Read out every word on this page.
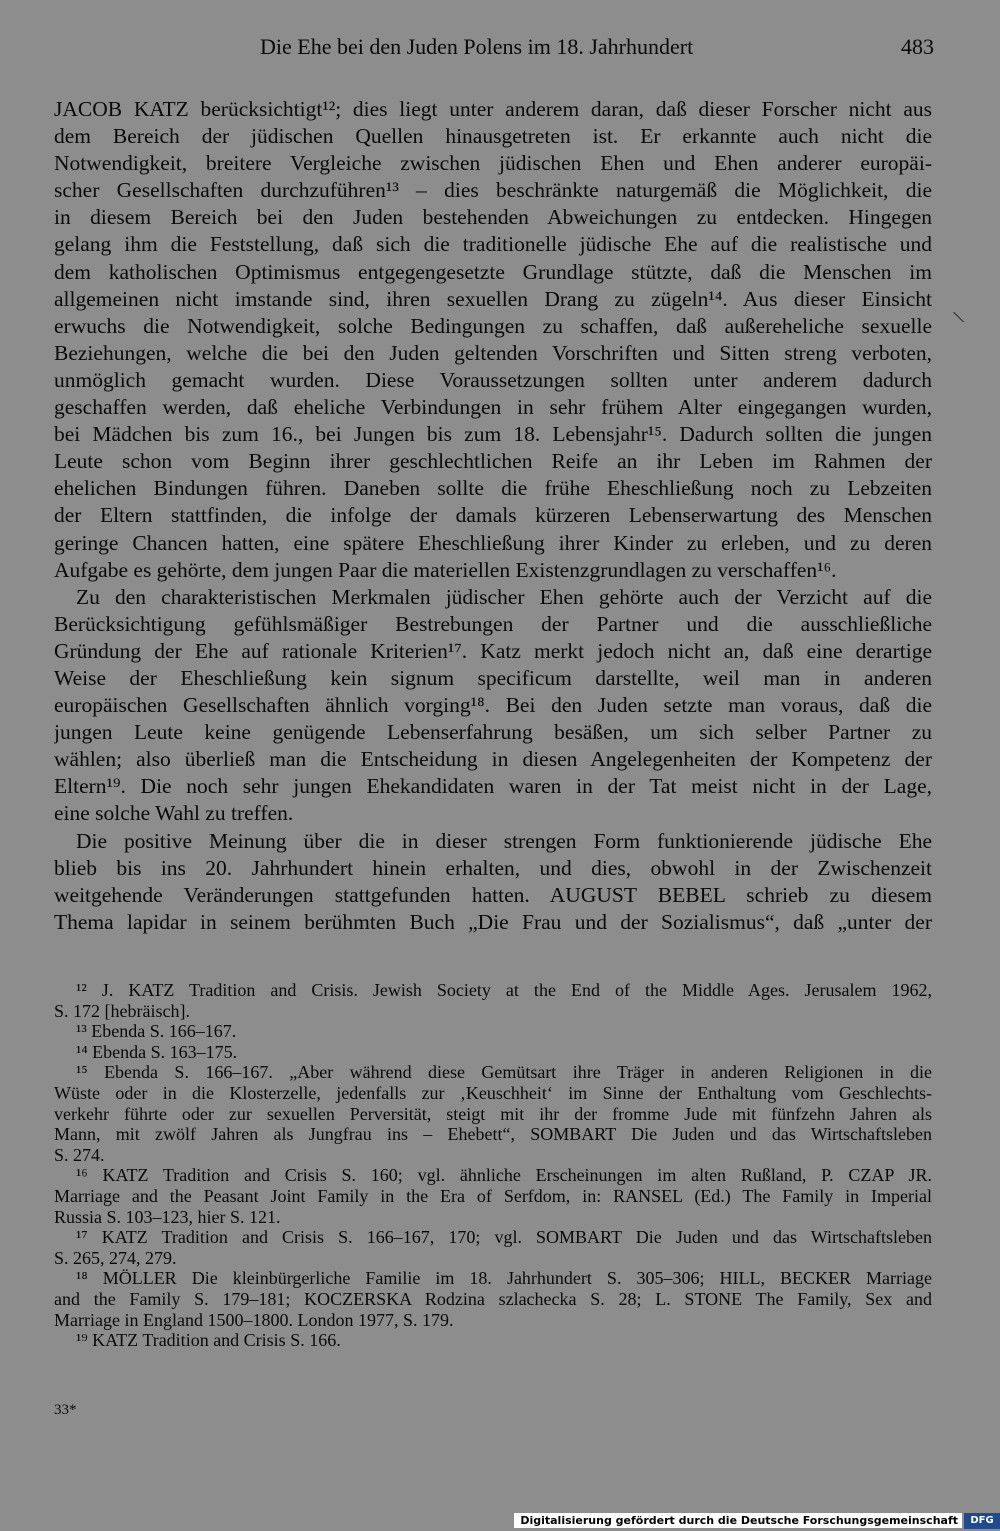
Die Ehe bei den Juden Polens im 18. Jahrhundert	483
JACOB KATZ berücksichtigt¹²; dies liegt unter anderem daran, daß dieser Forscher nicht aus
dem Bereich der jüdischen Quellen hinausgetreten ist. Er erkannte auch nicht die
Notwendigkeit, breitere Vergleiche zwischen jüdischen Ehen und Ehen anderer europäi-
scher Gesellschaften durchzuführen¹³ – dies beschränkte naturgemäß die Möglichkeit, die
in diesem Bereich bei den Juden bestehenden Abweichungen zu entdecken. Hingegen
gelang ihm die Feststellung, daß sich die traditionelle jüdische Ehe auf die realistische und
dem katholischen Optimismus entgegengesetzte Grundlage stützte, daß die Menschen im
allgemeinen nicht imstande sind, ihren sexuellen Drang zu zügeln¹⁴. Aus dieser Einsicht
erwuchs die Notwendigkeit, solche Bedingungen zu schaffen, daß außereheliche sexuelle
Beziehungen, welche die bei den Juden geltenden Vorschriften und Sitten streng verboten,
unmöglich gemacht wurden. Diese Voraussetzungen sollten unter anderem dadurch
geschaffen werden, daß eheliche Verbindungen in sehr frühem Alter eingegangen wurden,
bei Mädchen bis zum 16., bei Jungen bis zum 18. Lebensjahr¹⁵. Dadurch sollten die jungen
Leute schon vom Beginn ihrer geschlechtlichen Reife an ihr Leben im Rahmen der
ehelichen Bindungen führen. Daneben sollte die frühe Eheschließung noch zu Lebzeiten
der Eltern stattfinden, die infolge der damals kürzeren Lebenserwartung des Menschen
geringe Chancen hatten, eine spätere Eheschließung ihrer Kinder zu erleben, und zu deren
Aufgabe es gehörte, dem jungen Paar die materiellen Existenzgrundlagen zu verschaffen¹⁶.
Zu den charakteristischen Merkmalen jüdischer Ehen gehörte auch der Verzicht auf die
Berücksichtigung gefühlsmäßiger Bestrebungen der Partner und die ausschließliche
Gründung der Ehe auf rationale Kriterien¹⁷. Katz merkt jedoch nicht an, daß eine derartige
Weise der Eheschließung kein signum specificum darstellte, weil man in anderen
europäischen Gesellschaften ähnlich vorging¹⁸. Bei den Juden setzte man voraus, daß die
jungen Leute keine genügende Lebenserfahrung besäßen, um sich selber Partner zu
wählen; also überließ man die Entscheidung in diesen Angelegenheiten der Kompetenz der
Eltern¹⁹. Die noch sehr jungen Ehekandidaten waren in der Tat meist nicht in der Lage,
eine solche Wahl zu treffen.
Die positive Meinung über die in dieser strengen Form funktionierende jüdische Ehe
blieb bis ins 20. Jahrhundert hinein erhalten, und dies, obwohl in der Zwischenzeit
weitgehende Veränderungen stattgefunden hatten. AUGUST BEBEL schrieb zu diesem
Thema lapidar in seinem berühmten Buch „Die Frau und der Sozialismus“, daß „unter der
¹² J. KATZ Tradition and Crisis. Jewish Society at the End of the Middle Ages. Jerusalem 1962,
S. 172 [hebräisch].
¹³ Ebenda S. 166–167.
¹⁴ Ebenda S. 163–175.
¹⁵ Ebenda S. 166–167. „Aber während diese Gemütsart ihre Träger in anderen Religionen in die
Wüste oder in die Klosterzelle, jedenfalls zur ‚Keuschheit‘ im Sinne der Enthaltung vom Geschlechts-
verkehr führte oder zur sexuellen Perversität, steigt mit ihr der fromme Jude mit fünfzehn Jahren als
Mann, mit zwölf Jahren als Jungfrau ins – Ehebett“, SOMBART Die Juden und das Wirtschaftsleben
S. 274.
¹⁶ KATZ Tradition and Crisis S. 160; vgl. ähnliche Erscheinungen im alten Rußland, P. CZAP JR.
Marriage and the Peasant Joint Family in the Era of Serfdom, in: RANSEL (Ed.) The Family in Imperial
Russia S. 103–123, hier S. 121.
¹⁷ KATZ Tradition and Crisis S. 166–167, 170; vgl. SOMBART Die Juden und das Wirtschaftsleben
S. 265, 274, 279.
¹⁸ MÖLLER Die kleinbürgerliche Familie im 18. Jahrhundert S. 305–306; HILL, BECKER Marriage
and the Family S. 179–181; KOCZERSKA Rodzina szlachecka S. 28; L. STONE The Family, Sex and
Marriage in England 1500–1800. London 1977, S. 179.
¹⁹ KATZ Tradition and Crisis S. 166.
33*
Digitalisierung gefördert durch die Deutsche Forschungsgemeinschaft	DFG
